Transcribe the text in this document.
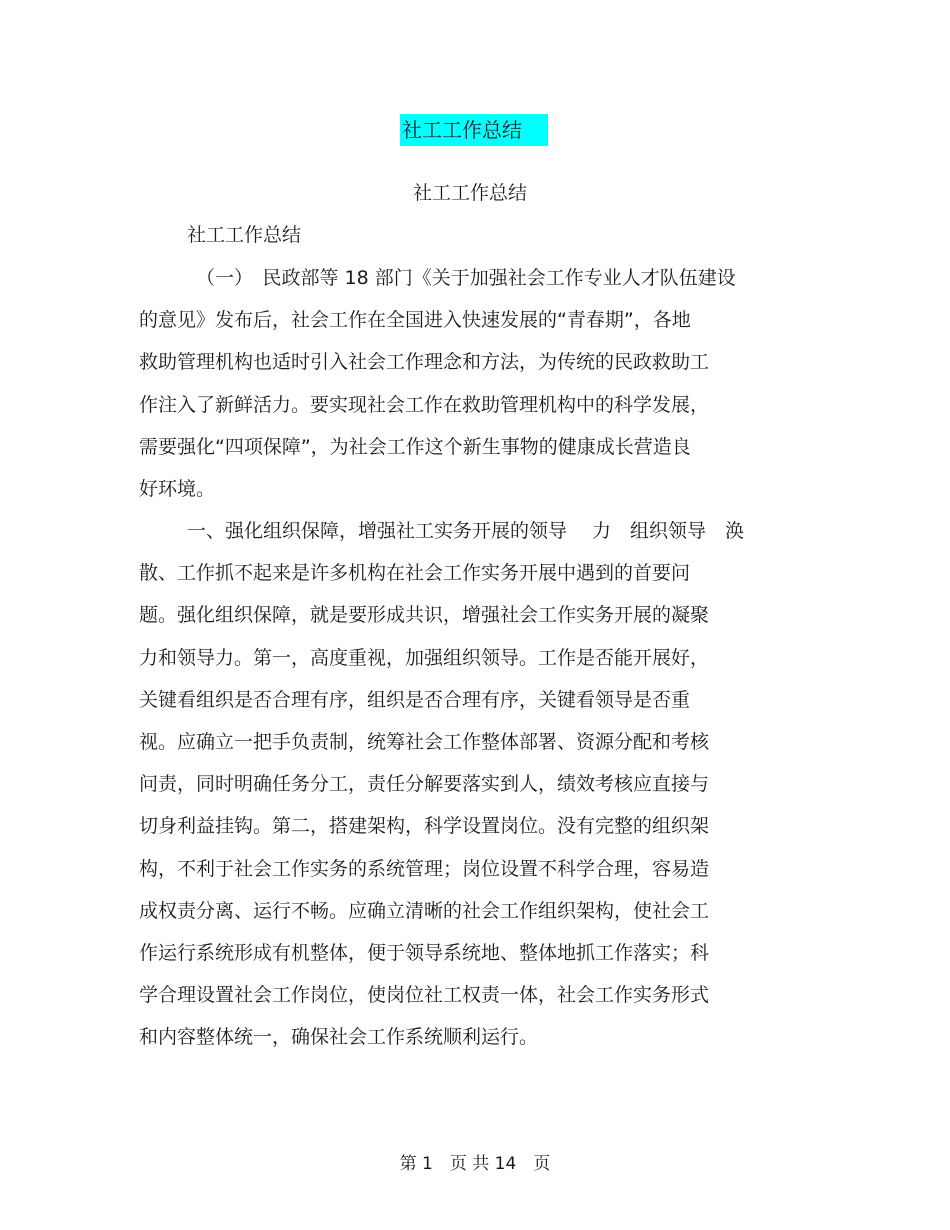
社工工作总结
社工工作总结
社工工作总结
（一）　民政部等 18 部门《关于加强社会工作专业人才队伍建设
的意见》发布后，社会工作在全国进入快速发展的“青春期”，各地
救助管理机构也适时引入社会工作理念和方法，为传统的民政救助工
作注入了新鲜活力。要实现社会工作在救助管理机构中的科学发展，
需要强化“四项保障”，为社会工作这个新生事物的健康成长营造良
好环境。
一、强化组织保障，增强社工实务开展的领导　 力　组织领导　涣
散、工作抓不起来是许多机构在社会工作实务开展中遇到的首要问
题。强化组织保障，就是要形成共识，增强社会工作实务开展的凝聚
力和领导力。第一，高度重视，加强组织领导。工作是否能开展好，
关键看组织是否合理有序，组织是否合理有序，关键看领导是否重
视。应确立一把手负责制，统筹社会工作整体部署、资源分配和考核
问责，同时明确任务分工，责任分解要落实到人，绩效考核应直接与
切身利益挂钩。第二，搭建架构，科学设置岗位。没有完整的组织架
构，不利于社会工作实务的系统管理；岗位设置不科学合理，容易造
成权责分离、运行不畅。应确立清晰的社会工作组织架构，使社会工
作运行系统形成有机整体，便于领导系统地、整体地抓工作落实；科
学合理设置社会工作岗位，使岗位社工权责一体，社会工作实务形式
和内容整体统一，确保社会工作系统顺利运行。
第 1　页 共 14　页
